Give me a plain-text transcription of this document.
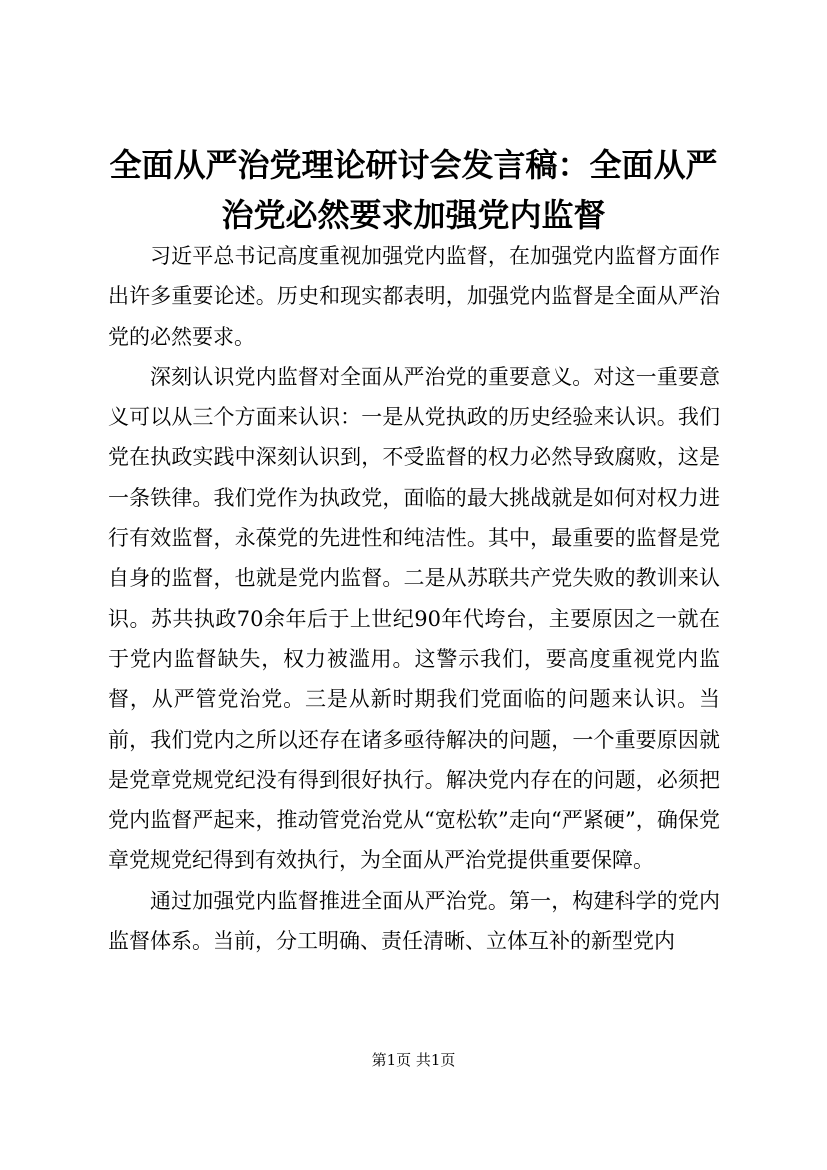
全面从严治党理论研讨会发言稿：全面从严治党必然要求加强党内监督

习近平总书记高度重视加强党内监督，在加强党内监督方面作出许多重要论述。历史和现实都表明，加强党内监督是全面从严治党的必然要求。

深刻认识党内监督对全面从严治党的重要意义。对这一重要意义可以从三个方面来认识：一是从党执政的历史经验来认识。我们党在执政实践中深刻认识到，不受监督的权力必然导致腐败，这是一条铁律。我们党作为执政党，面临的最大挑战就是如何对权力进行有效监督，永葆党的先进性和纯洁性。其中，最重要的监督是党自身的监督，也就是党内监督。二是从苏联共产党失败的教训来认识。苏共执政70余年后于上世纪90年代垮台，主要原因之一就在于党内监督缺失，权力被滥用。这警示我们，要高度重视党内监督，从严管党治党。三是从新时期我们党面临的问题来认识。当前，我们党内之所以还存在诸多亟待解决的问题，一个重要原因就是党章党规党纪没有得到很好执行。解决党内存在的问题，必须把党内监督严起来，推动管党治党从“宽松软”走向“严紧硬”，确保党章党规党纪得到有效执行，为全面从严治党提供重要保障。

通过加强党内监督推进全面从严治党。第一，构建科学的党内监督体系。当前，分工明确、责任清晰、立体互补的新型党内

第1页 共1页
